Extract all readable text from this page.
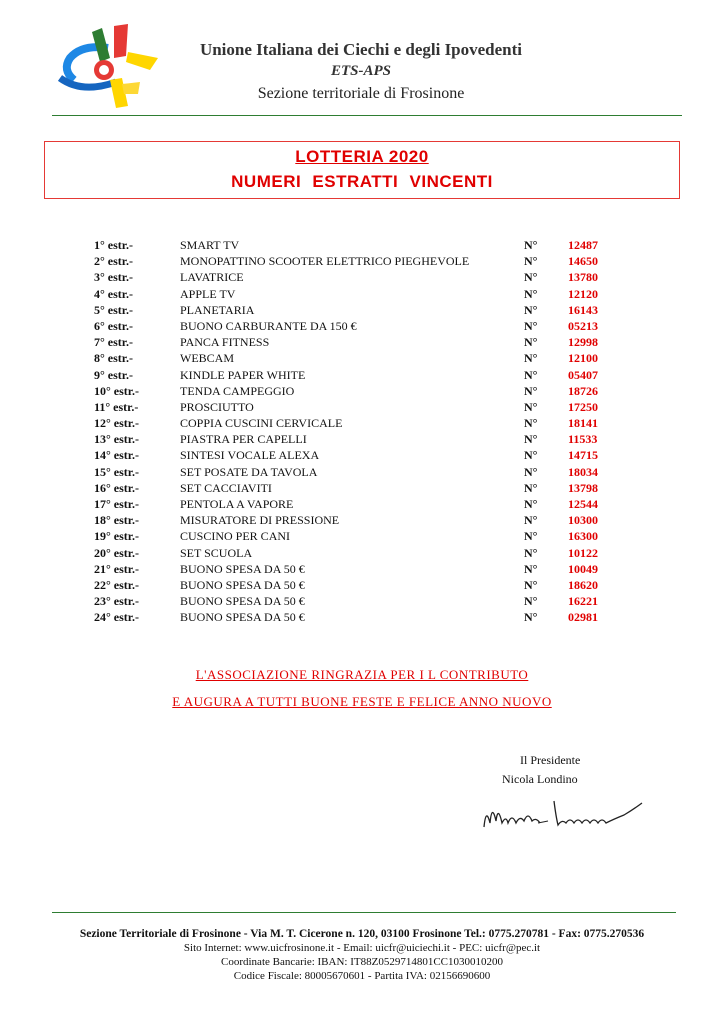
Unione Italiana dei Ciechi e degli Ipovedenti
ETS-APS
Sezione territoriale di Frosinone
LOTTERIA 2020
NUMERI ESTRATTI VINCENTI
1° estr.-	SMART TV	N°	12487
2° estr.-	MONOPATTINO SCOOTER ELETTRICO PIEGHEVOLE	N°	14650
3° estr.-	LAVATRICE	N°	13780
4° estr.-	APPLE TV	N°	12120
5° estr.-	PLANETARIA	N°	16143
6° estr.-	BUONO CARBURANTE DA 150 €	N°	05213
7° estr.-	PANCA FITNESS	N°	12998
8° estr.-	WEBCAM	N°	12100
9° estr.-	KINDLE PAPER WHITE	N°	05407
10° estr.-	TENDA CAMPEGGIO	N°	18726
11° estr.-	PROSCIUTTO	N°	17250
12° estr.-	COPPIA CUSCINI CERVICALE	N°	18141
13° estr.-	PIASTRA PER CAPELLI	N°	11533
14° estr.-	SINTESI VOCALE ALEXA	N°	14715
15° estr.-	SET POSATE DA TAVOLA	N°	18034
16° estr.-	SET CACCIAVITI	N°	13798
17° estr.-	PENTOLA A VAPORE	N°	12544
18° estr.-	MISURATORE DI PRESSIONE	N°	10300
19° estr.-	CUSCINO PER CANI	N°	16300
20° estr.-	SET SCUOLA	N°	10122
21° estr.-	BUONO SPESA DA 50 €	N°	10049
22° estr.-	BUONO SPESA DA 50 €	N°	18620
23° estr.-	BUONO SPESA DA 50 €	N°	16221
24° estr.-	BUONO SPESA DA 50 €	N°	02981
L'ASSOCIAZIONE RINGRAZIA PER I L CONTRIBUTO
E AUGURA A TUTTI BUONE FESTE E FELICE ANNO NUOVO
Il Presidente
Nicola Londino
Sezione Territoriale di Frosinone - Via M. T. Cicerone n. 120, 03100 Frosinone Tel.: 0775.270781 - Fax: 0775.270536
Sito Internet: www.uicfrosinone.it - Email: uicfr@uiciechi.it - PEC: uicfr@pec.it
Coordinate Bancarie: IBAN: IT88Z0529714801CC1030010200
Codice Fiscale: 80005670601 - Partita IVA: 02156690600
